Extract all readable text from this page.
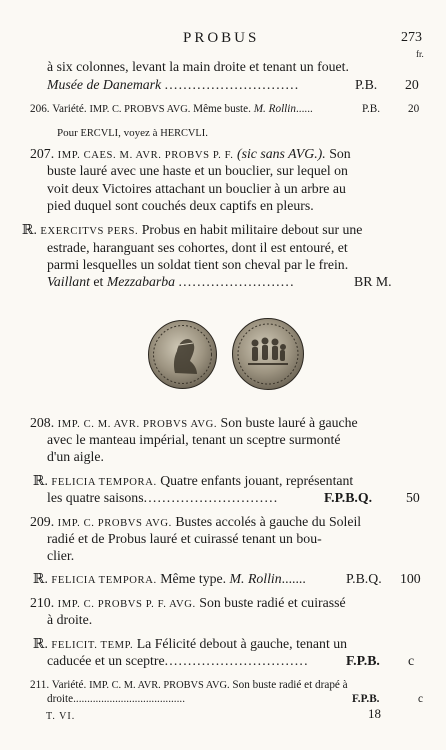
PROBUS	273
fr.
à six colonnes, levant la main droite et tenant un fouet.
Musée de Danemark .............................	P.B. 20
206. Variété. IMP. C. PROBVS AVG. Même buste. M. Rollin......	P.B. 20
Pour ERCVLI, voyez à HERCVLI.
207. IMP. CAES. M. AVR. PROBVS P. F. (sic sans AVG.). Son
buste lauré avec une haste et un bouclier, sur lequel on
voit deux Victoires attachant un bouclier à un arbre au
pied duquel sont couchés deux captifs en pleurs.
ℝ. EXERCITVS PERS. Probus en habit militaire debout sur une
estrade, haranguant ses cohortes, dont il est entouré, et
parmi lesquelles un soldat tient son cheval par le frein.
Vaillant et Mezzabarba .........................	BR M.
208. IMP. C. M. AVR. PROBVS AVG. Son buste lauré à gauche
avec le manteau impérial, tenant un sceptre surmonté
d'un aigle.
ℝ. FELICIA TEMPORA. Quatre enfants jouant, représentant
les quatre saisons.............................	F.P.B.Q. 50
209. IMP. C. PROBVS AVG. Bustes accolés à gauche du Soleil
radié et de Probus lauré et cuirassé tenant un bou-
clier.
ℝ. FELICIA TEMPORA. Même type. M. Rollin.......	P.B.Q. 100
210. IMP. C. PROBVS P. F. AVG. Son buste radié et cuirassé
à droite.
ℝ. FELICIT. TEMP. La Félicité debout à gauche, tenant un
caducée et un sceptre...............................	F.P.B. c
211. Variété. IMP. C. M. AVR. PROBVS AVG. Son buste radié et drapé à
droite........................................	F.P.B.	c
T. VI.	18
